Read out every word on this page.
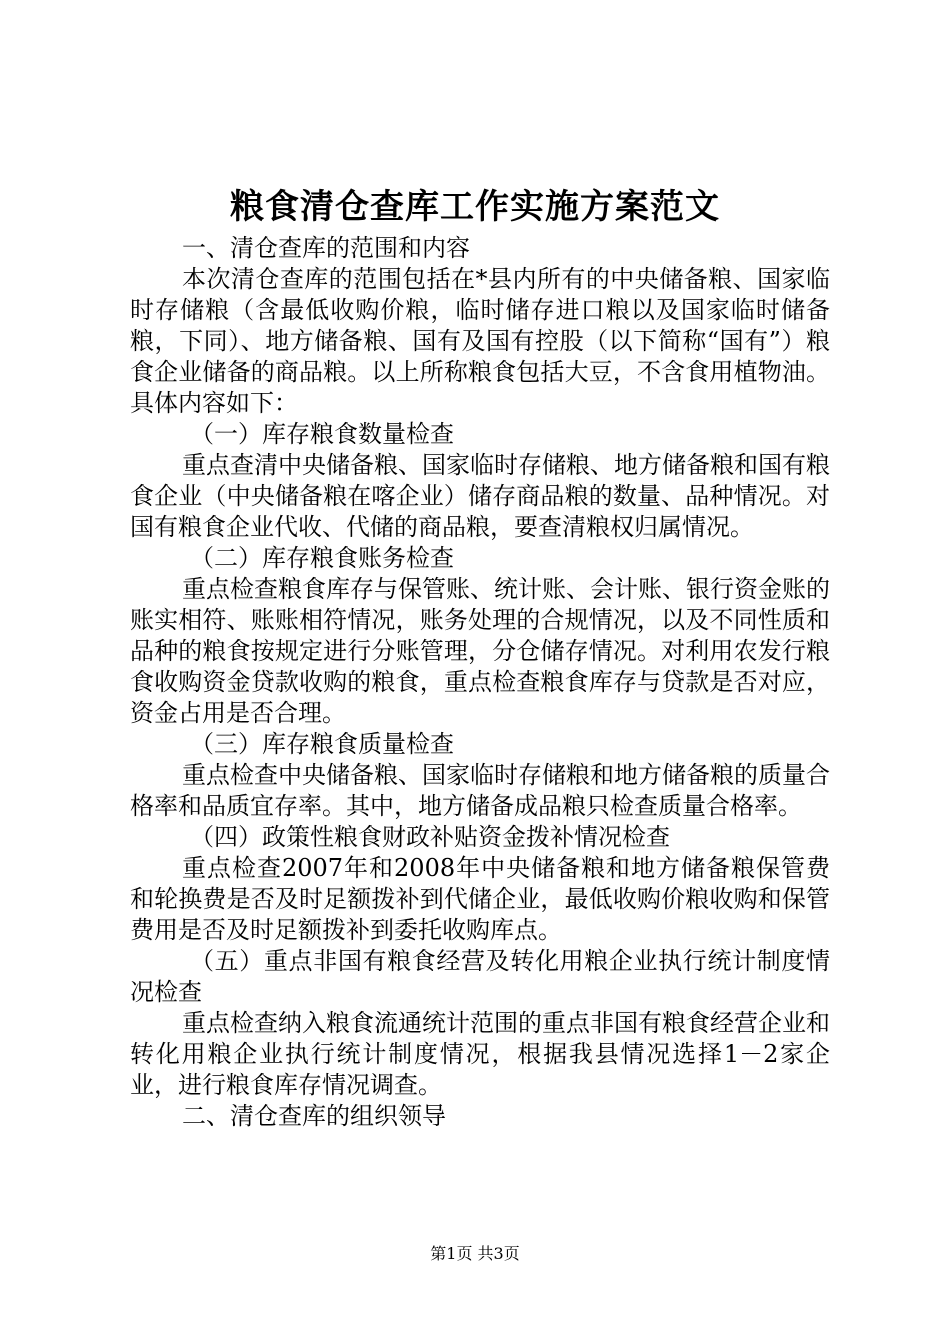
粮食清仓查库工作实施方案范文

一、清仓查库的范围和内容

本次清仓查库的范围包括在*县内所有的中央储备粮、国家临时存储粮（含最低收购价粮，临时储存进口粮以及国家临时储备粮，下同）、地方储备粮、国有及国有控股（以下简称“国有”）粮食企业储备的商品粮。以上所称粮食包括大豆，不含食用植物油。具体内容如下：

（一）库存粮食数量检查

重点查清中央储备粮、国家临时存储粮、地方储备粮和国有粮食企业（中央储备粮在喀企业）储存商品粮的数量、品种情况。对国有粮食企业代收、代储的商品粮，要查清粮权归属情况。

（二）库存粮食账务检查

重点检查粮食库存与保管账、统计账、会计账、银行资金账的账实相符、账账相符情况，账务处理的合规情况，以及不同性质和品种的粮食按规定进行分账管理，分仓储存情况。对利用农发行粮食收购资金贷款收购的粮食，重点检查粮食库存与贷款是否对应，资金占用是否合理。

（三）库存粮食质量检查

重点检查中央储备粮、国家临时存储粮和地方储备粮的质量合格率和品质宜存率。其中，地方储备成品粮只检查质量合格率。

（四）政策性粮食财政补贴资金拨补情况检查

重点检查2007年和2008年中央储备粮和地方储备粮保管费和轮换费是否及时足额拨补到代储企业，最低收购价粮收购和保管费用是否及时足额拨补到委托收购库点。

（五）重点非国有粮食经营及转化用粮企业执行统计制度情况检查

重点检查纳入粮食流通统计范围的重点非国有粮食经营企业和转化用粮企业执行统计制度情况，根据我县情况选择1－2家企业，进行粮食库存情况调查。

二、清仓查库的组织领导

第1页 共3页
